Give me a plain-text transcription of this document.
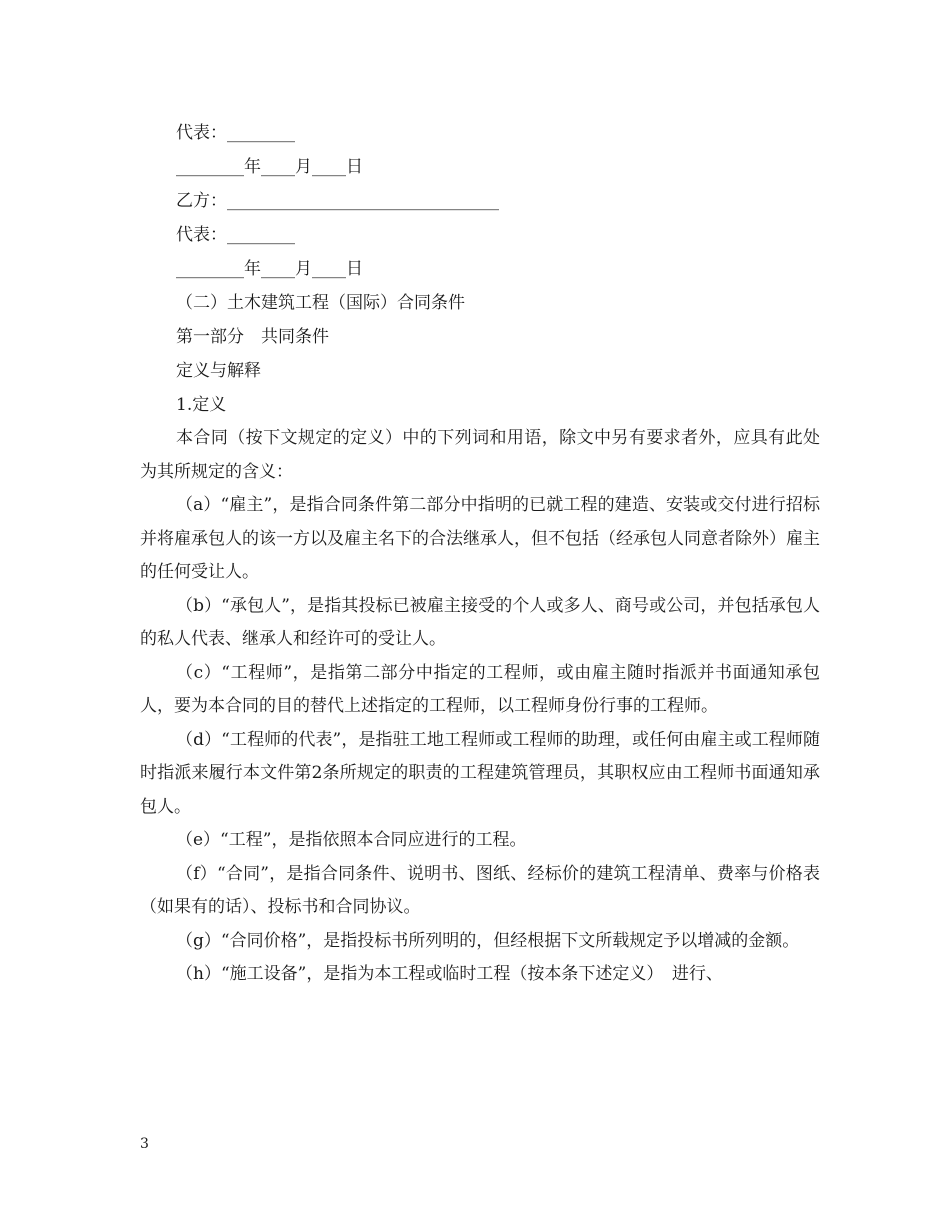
代表：________

________年____月____日

乙方：________________________________

代表：________

________年____月____日

（二）土木建筑工程（国际）合同条件

第一部分　共同条件

定义与解释

1.定义

本合同（按下文规定的定义）中的下列词和用语，除文中另有要求者外，应具有此处为其所规定的含义：

（a）“雇主”，是指合同条件第二部分中指明的已就工程的建造、安装或交付进行招标并将雇承包人的该一方以及雇主名下的合法继承人，但不包括（经承包人同意者除外）雇主的任何受让人。

（b）“承包人”，是指其投标已被雇主接受的个人或多人、商号或公司，并包括承包人的私人代表、继承人和经许可的受让人。

（c）“工程师”，是指第二部分中指定的工程师，或由雇主随时指派并书面通知承包人，要为本合同的目的替代上述指定的工程师，以工程师身份行事的工程师。

（d）“工程师的代表”，是指驻工地工程师或工程师的助理，或任何由雇主或工程师随时指派来履行本文件第2条所规定的职责的工程建筑管理员，其职权应由工程师书面通知承包人。

（e）“工程”，是指依照本合同应进行的工程。

（f）“合同”，是指合同条件、说明书、图纸、经标价的建筑工程清单、费率与价格表（如果有的话）、投标书和合同协议。

（g）“合同价格”，是指投标书所列明的，但经根据下文所载规定予以增减的金额。

（h）“施工设备”，是指为本工程或临时工程（按本条下述定义）　进行、

3
